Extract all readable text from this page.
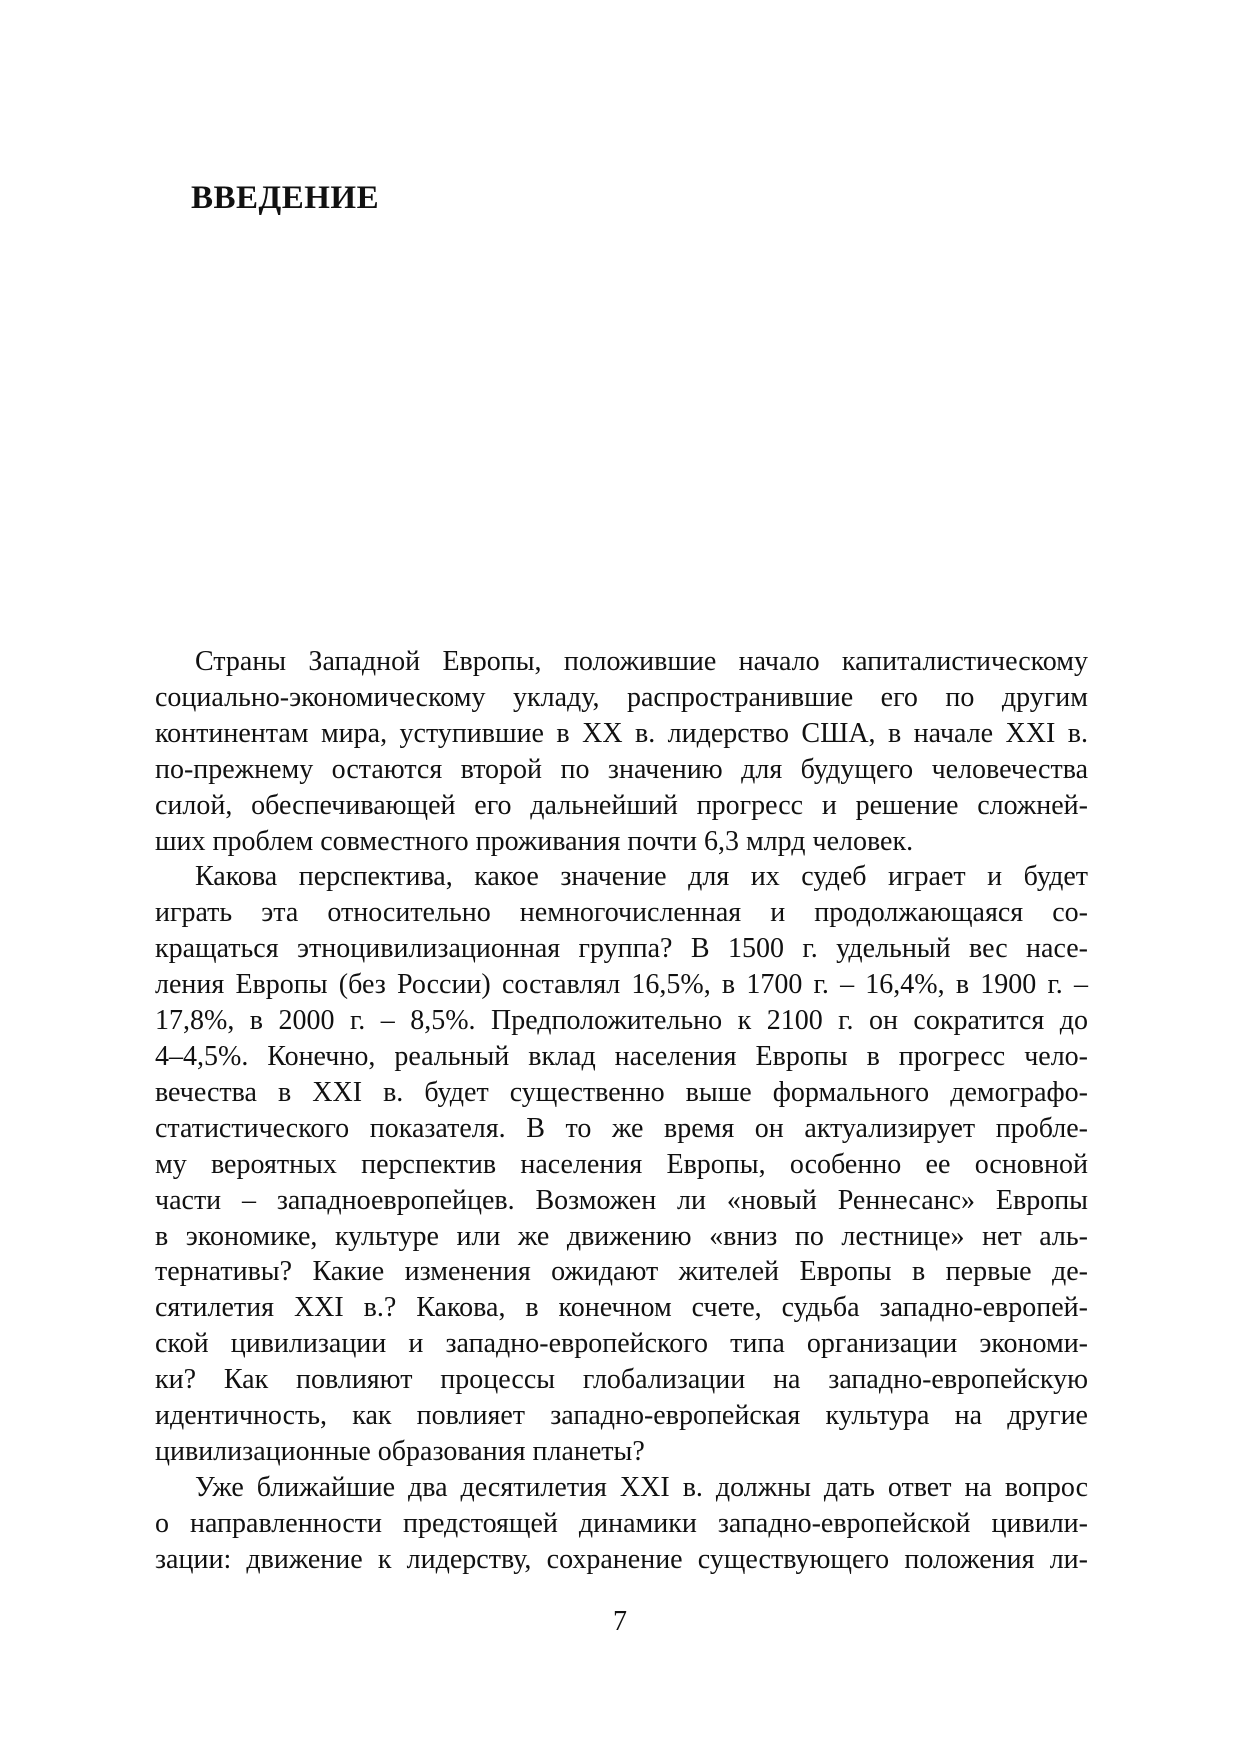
ВВЕДЕНИЕ

Страны Западной Европы, положившие начало капиталистическому
социально-экономическому укладу, распространившие его по другим
континентам мира, уступившие в XX в. лидерство США, в начале XXI в.
по-прежнему остаются второй по значению для будущего человечества
силой, обеспечивающей его дальнейший прогресс и решение сложней-
ших проблем совместного проживания почти 6,3 млрд человек.

Какова перспектива, какое значение для их судеб играет и будет
играть эта относительно немногочисленная и продолжающаяся со-
кращаться этноцивилизационная группа? В 1500 г. удельный вес насе-
ления Европы (без России) составлял 16,5%, в 1700 г. – 16,4%, в 1900 г. –
17,8%, в 2000 г. – 8,5%. Предположительно к 2100 г. он сократится до
4–4,5%. Конечно, реальный вклад населения Европы в прогресс чело-
вечества в XXI в. будет существенно выше формального демографо-
статистического показателя. В то же время он актуализирует пробле-
му вероятных перспектив населения Европы, особенно ее основной
части – западноевропейцев. Возможен ли «новый Реннесанс» Европы
в экономике, культуре или же движению «вниз по лестнице» нет аль-
тернативы? Какие изменения ожидают жителей Европы в первые де-
сятилетия XXI в.? Какова, в конечном счете, судьба западно-европей-
ской цивилизации и западно-европейского типа организации экономи-
ки? Как повлияют процессы глобализации на западно-европейскую
идентичность, как повлияет западно-европейская культура на другие
цивилизационные образования планеты?

Уже ближайшие два десятилетия XXI в. должны дать ответ на вопрос
о направленности предстоящей динамики западно-европейской цивили-
зации: движение к лидерству, сохранение существующего положения ли-

7
